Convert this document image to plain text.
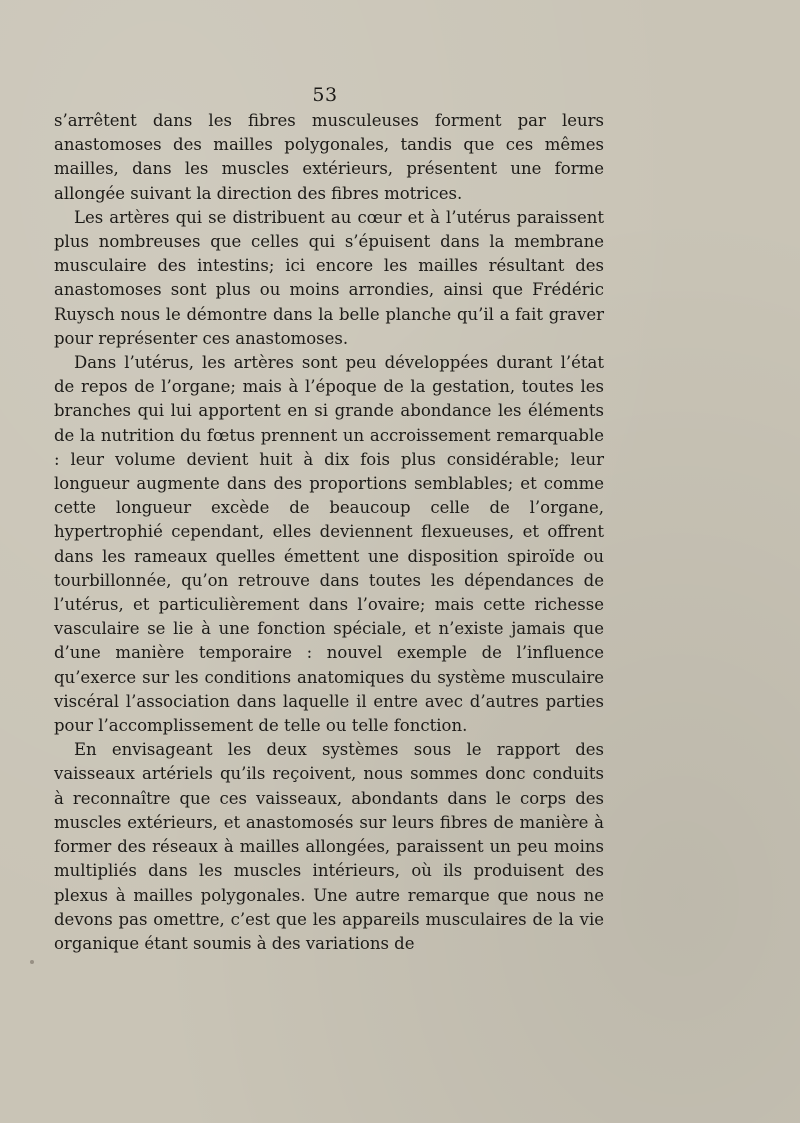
53

s’arrêtent dans les fibres musculeuses forment par leurs anastomoses des mailles polygonales, tandis que ces mêmes mailles, dans les muscles extérieurs, présentent une forme allongée suivant la direction des fibres motrices.

Les artères qui se distribuent au cœur et à l’utérus paraissent plus nombreuses que celles qui s’épuisent dans la membrane musculaire des intestins; ici encore les mailles résultant des anastomoses sont plus ou moins arrondies, ainsi que Frédéric Ruysch nous le démontre dans la belle planche qu’il a fait graver pour représenter ces anastomoses.

Dans l’utérus, les artères sont peu développées durant l’état de repos de l’organe; mais à l’époque de la gestation, toutes les branches qui lui apportent en si grande abondance les éléments de la nutrition du fœtus prennent un accroissement remarquable : leur volume devient huit à dix fois plus considérable; leur longueur augmente dans des proportions semblables; et comme cette longueur excède de beaucoup celle de l’organe, hypertrophié cependant, elles deviennent flexueuses, et offrent dans les rameaux quelles émettent une disposition spiroïde ou tourbillonnée, qu’on retrouve dans toutes les dépendances de l’utérus, et particulièrement dans l’ovaire; mais cette richesse vasculaire se lie à une fonction spéciale, et n’existe jamais que d’une manière temporaire : nouvel exemple de l’influence qu’exerce sur les conditions anatomiques du système musculaire viscéral l’association dans laquelle il entre avec d’autres parties pour l’accomplissement de telle ou telle fonction.

En envisageant les deux systèmes sous le rapport des vaisseaux artériels qu’ils reçoivent, nous sommes donc conduits à reconnaître que ces vaisseaux, abondants dans le corps des muscles extérieurs, et anastomosés sur leurs fibres de manière à former des réseaux à mailles allongées, paraissent un peu moins multipliés dans les muscles intérieurs, où ils produisent des plexus à mailles polygonales. Une autre remarque que nous ne devons pas omettre, c’est que les appareils musculaires de la vie organique étant soumis à des variations de
